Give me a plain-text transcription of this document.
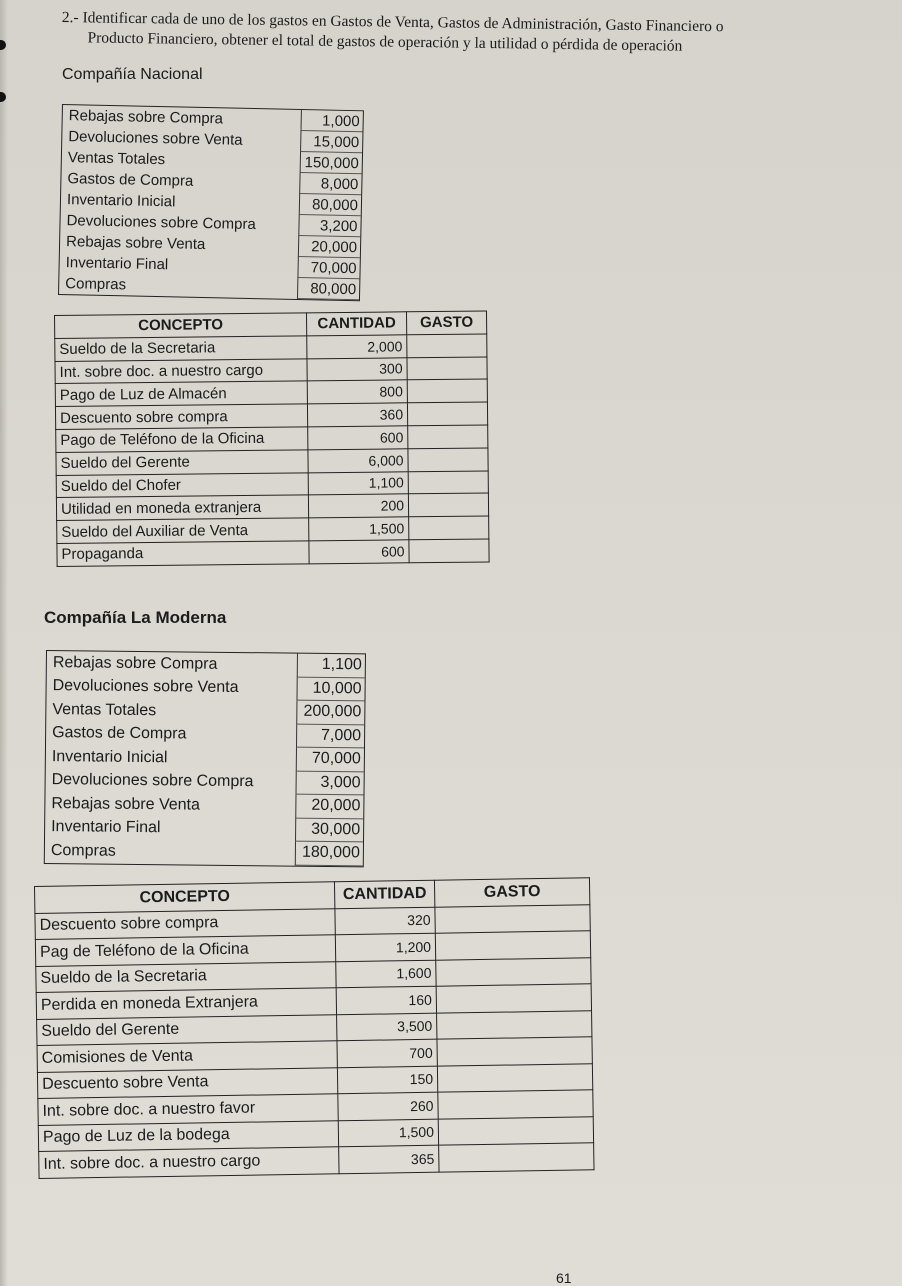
2.- Identificar cada de uno de los gastos en Gastos de Venta, Gastos de Administración, Gasto Financiero o
Producto Financiero, obtener el total de gastos de operación y la utilidad o pérdida de operación
Compañía Nacional
Rebajas sobre Compra	1,000
Devoluciones sobre Venta	15,000
Ventas Totales	150,000
Gastos de Compra	8,000
Inventario Inicial	80,000
Devoluciones sobre Compra	3,200
Rebajas sobre Venta	20,000
Inventario Final	70,000
Compras	80,000
CONCEPTO	CANTIDAD	GASTO
Sueldo de la Secretaria	2,000	
Int. sobre doc. a nuestro cargo	300	
Pago de Luz de Almacén	800	
Descuento sobre compra	360	
Pago de Teléfono de la Oficina	600	
Sueldo del Gerente	6,000	
Sueldo del Chofer	1,100	
Utilidad en moneda extranjera	200	
Sueldo del Auxiliar de Venta	1,500	
Propaganda	600	
Compañía La Moderna
Rebajas sobre Compra	1,100
Devoluciones sobre Venta	10,000
Ventas Totales	200,000
Gastos de Compra	7,000
Inventario Inicial	70,000
Devoluciones sobre Compra	3,000
Rebajas sobre Venta	20,000
Inventario Final	30,000
Compras	180,000
CONCEPTO	CANTIDAD	GASTO
Descuento sobre compra	320	
Pag de Teléfono de la Oficina	1,200	
Sueldo de la Secretaria	1,600	
Perdida en moneda Extranjera	160	
Sueldo del Gerente	3,500	
Comisiones de Venta	700	
Descuento sobre Venta	150	
Int. sobre doc. a nuestro favor	260	
Pago de Luz de la bodega	1,500	
Int. sobre doc. a nuestro cargo	365	
61
